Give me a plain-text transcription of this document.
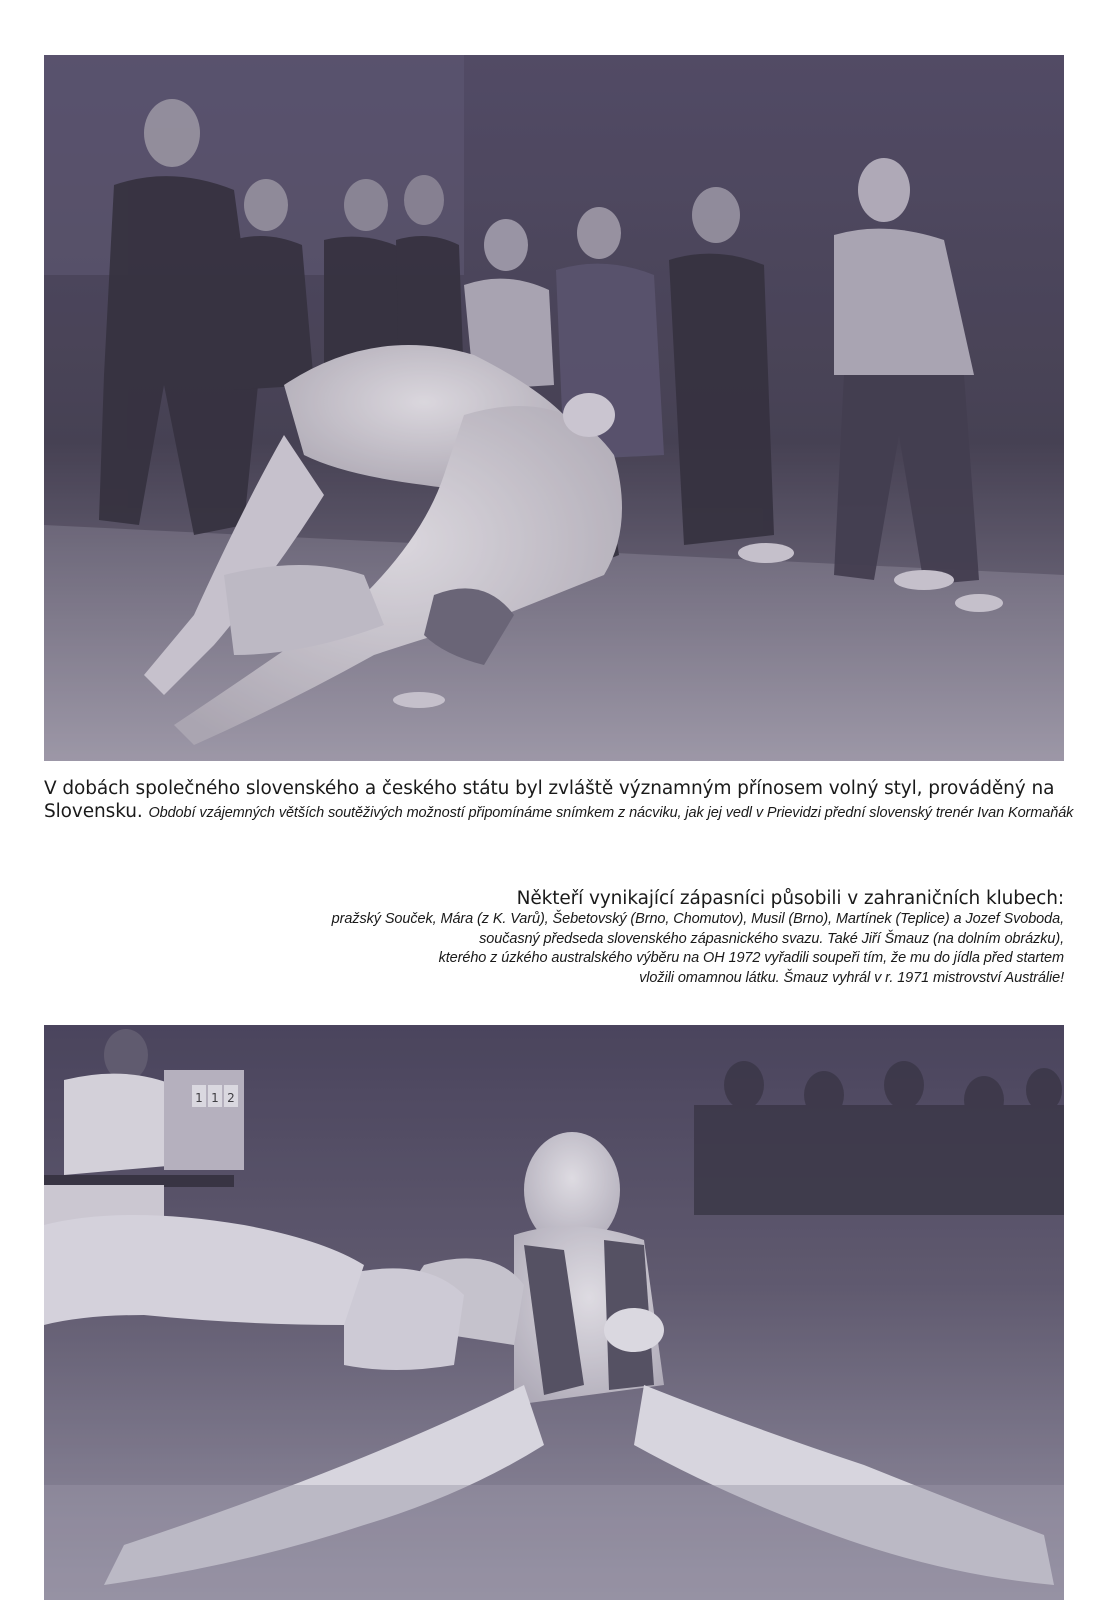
V dobách společného slovenského a českého státu byl zvláště významným přínosem volný styl, prováděný na Slovensku. Období vzájemných větších soutěživých možností připomínáme snímkem z nácviku, jak jej vedl v Prievidzi přední slovenský trenér Ivan Kormaňák
Někteří vynikající zápasníci působili v zahraničních klubech:
pražský Souček, Mára (z K. Varů), Šebetovský (Brno, Chomutov), Musil (Brno), Martínek (Teplice) a Jozef Svoboda,
současný předseda slovenského zápasnického svazu. Také Jiří Šmauz (na dolním obrázku),
kterého z úzkého australského výběru na OH 1972 vyřadili soupeři tím, že mu do jídla před startem
vložili omamnou látku. Šmauz vyhrál v r. 1971 mistrovství Austrálie!
1 1 2
